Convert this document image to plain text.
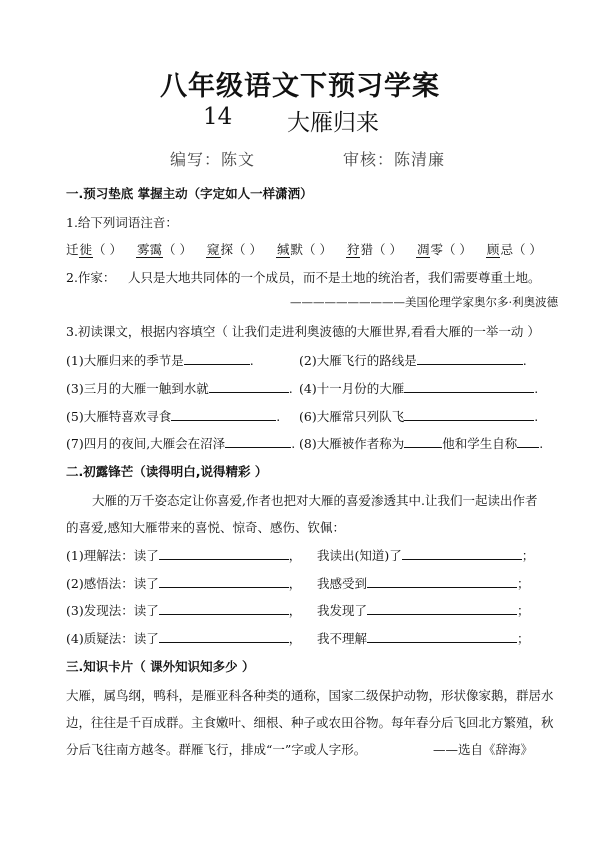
八年级语文下预习学案
14 大雁归来
编写：陈文	审核：陈清廉
一.预习垫底 掌握主动（字定如人一样潇洒）
1.给下列词语注音：
迁徙（ ） 雾霭（ ） 窥探（ ） 缄默（ ） 狩猎（ ） 凋零（ ） 顾忌（ ）
2.作家： 人只是大地共同体的一个成员，而不是土地的统治者，我们需要尊重土地。
——————————美国伦理学家奥尔多·利奥波德
3.初读课文，根据内容填空（ 让我们走进利奥波德的大雁世界,看看大雁的一举一动 ）
(1)大雁归来的季节是	.	(2)大雁飞行的路线是	.
(3)三月的大雁一触到水就	. (4)十一月份的大雁	.
(5)大雁特喜欢寻食	. (6)大雁常只列队飞	.
(7)四月的夜间,大雁会在沼泽	. (8)大雁被作者称为	他和学生自称 .
二.初露锋芒（读得明白,说得精彩 ）
大雁的万千姿态定让你喜爱,作者也把对大雁的喜爱渗透其中.让我们一起读出作者
的喜爱,感知大雁带来的喜悦、惊奇、感伤、钦佩：
(1)理解法：读了	， 我读出(知道)了	；
(2)感悟法：读了	， 我感受到	；
(3)发现法：读了	， 我发现了	；
(4)质疑法：读了	， 我不理解	；
三.知识卡片（ 课外知识知多少 ）
大雁，属鸟纲，鸭科，是雁亚科各种类的通称，国家二级保护动物，形状像家鹅，群居水
边，往往是千百成群。主食嫩叶、细根、种子或农田谷物。每年春分后飞回北方繁殖，秋
分后飞往南方越冬。群雁飞行，排成“一”字或人字形。	——选自《辞海》
